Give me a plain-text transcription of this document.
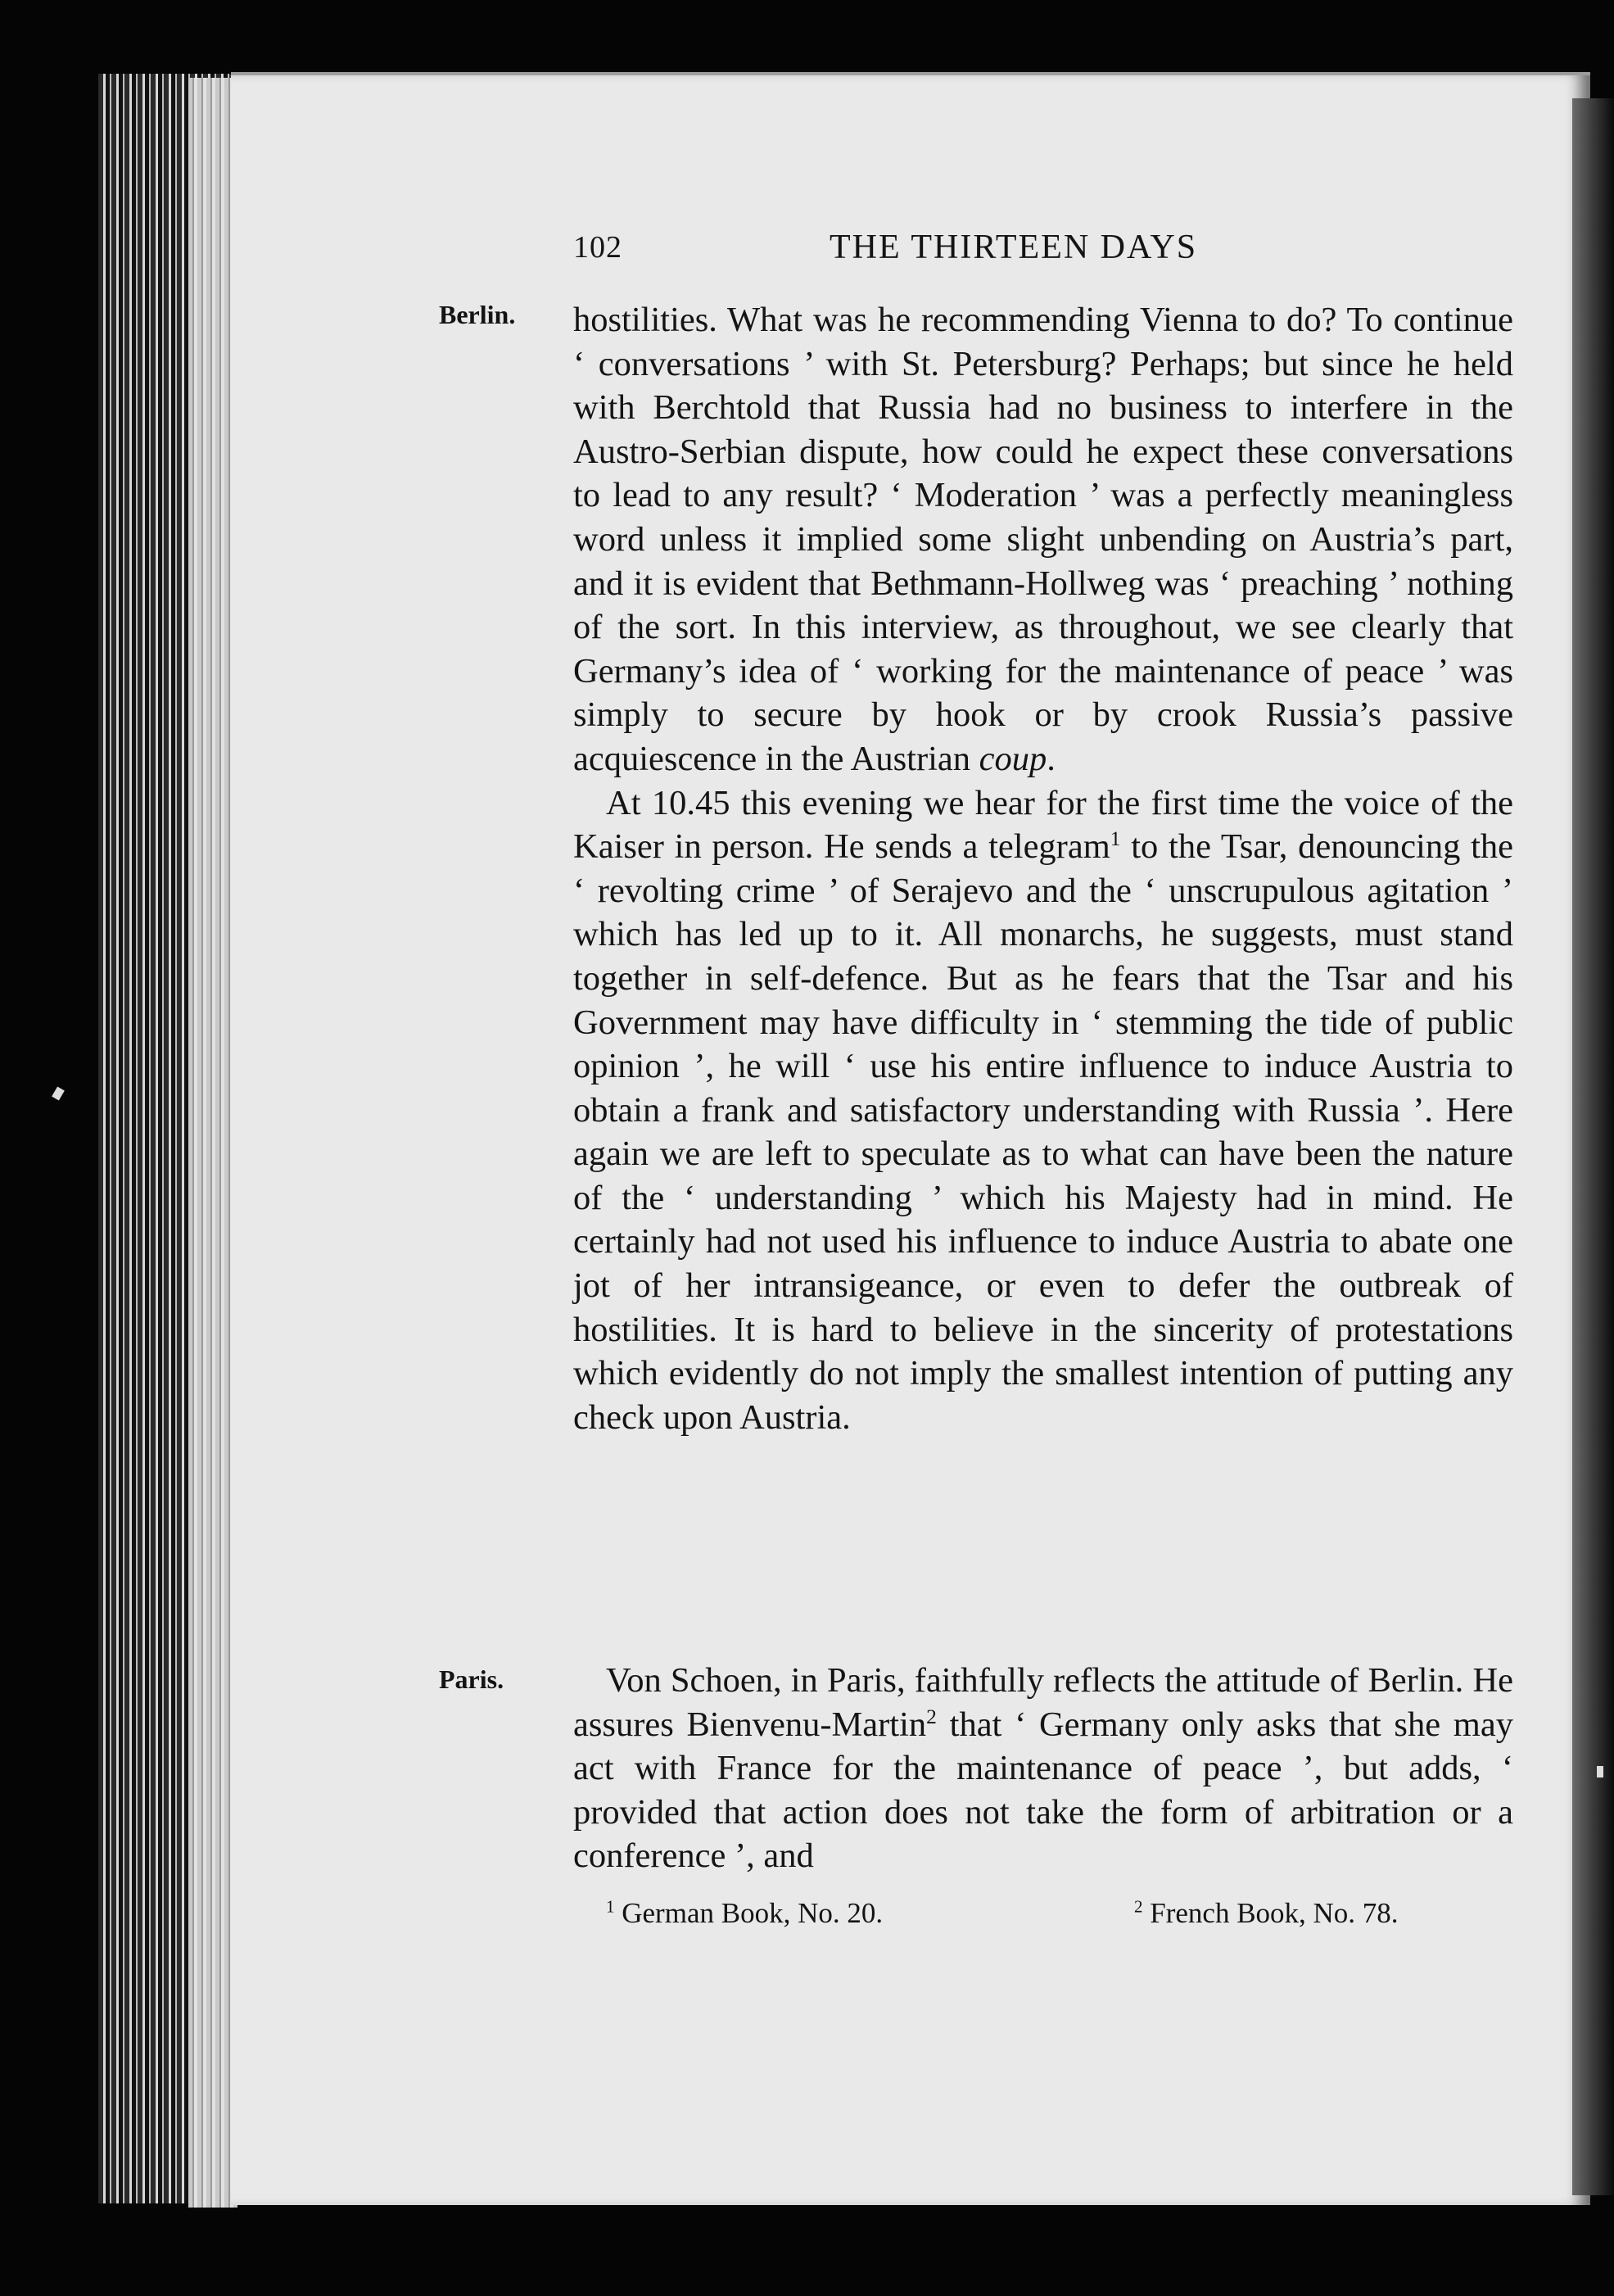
102	THE THIRTEEN DAYS
Berlin. hostilities. What was he recommending Vienna to do? To continue ‘ conversations ’ with St. Petersburg? Perhaps; but since he held with Berchtold that Russia had no business to interfere in the Austro-Serbian dispute, how could he expect these conversations to lead to any result? ‘ Moderation ’ was a perfectly meaningless word unless it implied some slight unbending on Austria’s part, and it is evident that Bethmann-Hollweg was ‘ preaching ’ nothing of the sort. In this interview, as throughout, we see clearly that Germany’s idea of ‘ working for the maintenance of peace ’ was simply to secure by hook or by crook Russia’s passive acquiescence in the Austrian coup.

At 10.45 this evening we hear for the first time the voice of the Kaiser in person. He sends a telegram$^1$ to the Tsar, denouncing the ‘ revolting crime ’ of Serajevo and the ‘ unscrupulous agitation ’ which has led up to it. All monarchs, he suggests, must stand together in self-defence. But as he fears that the Tsar and his Government may have difficulty in ‘ stemming the tide of public opinion ’, he will ‘ use his entire influence to induce Austria to obtain a frank and satisfactory understanding with Russia ’. Here again we are left to speculate as to what can have been the nature of the ‘ understanding ’ which his Majesty had in mind. He certainly had not used his influence to induce Austria to abate one jot of her intransigeance, or even to defer the outbreak of hostilities. It is hard to believe in the sincerity of protestations which evidently do not imply the smallest intention of putting any check upon Austria.

Paris.	Von Schoen, in Paris, faithfully reflects the attitude of Berlin. He assures Bienvenu-Martin$^2$ that ‘ Germany only asks that she may act with France for the maintenance of peace ’, but adds, ‘ provided that action does not take the form of arbitration or a conference ’, and

$^1$ German Book, No. 20.	$^2$ French Book, No. 78.
